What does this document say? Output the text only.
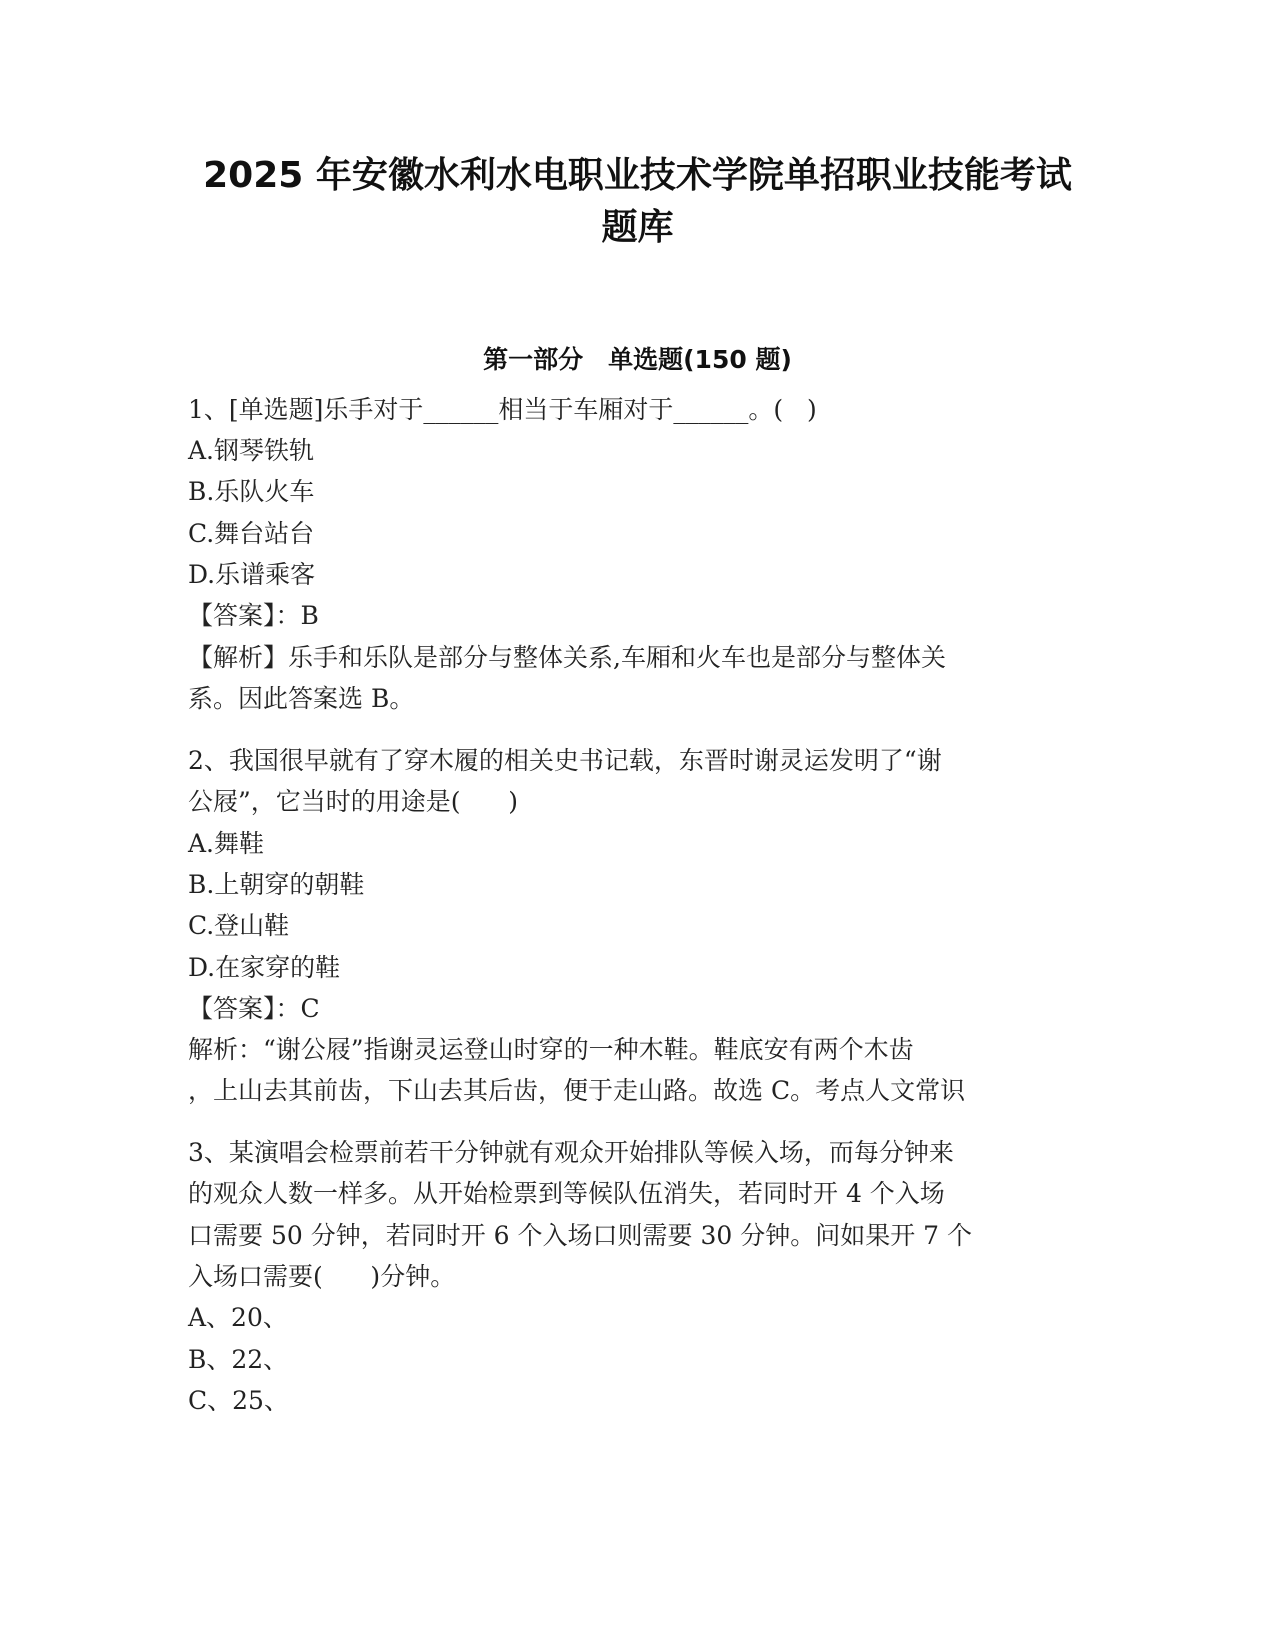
2025 年安徽水利水电职业技术学院单招职业技能考试
题库
第一部分　单选题(150 题)

1、[单选题]乐手对于______相当于车厢对于______。(   )

A.钢琴铁轨

B.乐队火车

C.舞台站台

D.乐谱乘客

【答案】：B

【解析】乐手和乐队是部分与整体关系,车厢和火车也是部分与整体关

系。因此答案选 B。

2、我国很早就有了穿木履的相关史书记载，东晋时谢灵运发明了“谢

公屐”，它当时的用途是(      )

A.舞鞋

B.上朝穿的朝鞋

C.登山鞋

D.在家穿的鞋

【答案】：C

解析：“谢公屐”指谢灵运登山时穿的一种木鞋。鞋底安有两个木齿

，上山去其前齿，下山去其后齿，便于走山路。故选 C。考点人文常识

3、某演唱会检票前若干分钟就有观众开始排队等候入场，而每分钟来

的观众人数一样多。从开始检票到等候队伍消失，若同时开 4 个入场

口需要 50 分钟，若同时开 6 个入场口则需要 30 分钟。问如果开 7 个

入场口需要(      )分钟。

A、20、

B、22、

C、25、
